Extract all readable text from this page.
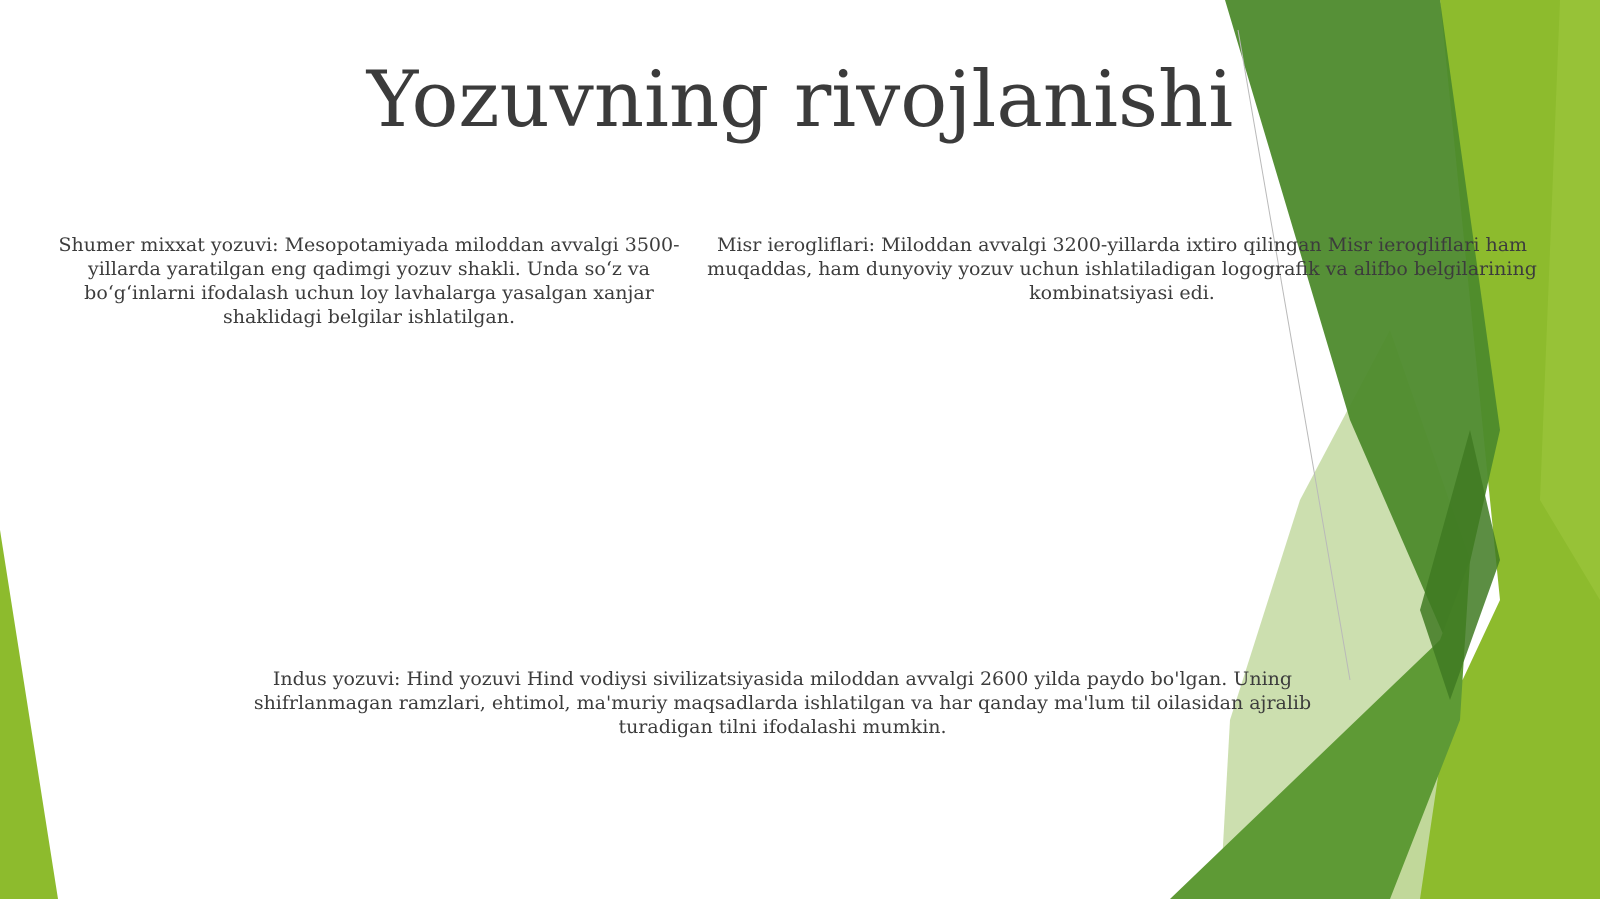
Yozuvning rivojlanishi

Shumer mixxat yozuvi: Mesopotamiyada miloddan avvalgi 3500-yillarda yaratilgan eng qadimgi yozuv shakli. Unda so‘z va bo‘g‘inlarni ifodalash uchun loy lavhalarga yasalgan xanjar shaklidagi belgilar ishlatilgan.

Misr ierogliflari: Miloddan avvalgi 3200-yillarda ixtiro qilingan Misr ierogliflari ham muqaddas, ham dunyoviy yozuv uchun ishlatiladigan logografik va alifbo belgilarining kombinatsiyasi edi.

Indus yozuvi: Hind yozuvi Hind vodiysi sivilizatsiyasida miloddan avvalgi 2600 yilda paydo bo'lgan. Uning shifrlanmagan ramzlari, ehtimol, ma'muriy maqsadlarda ishlatilgan va har qanday ma'lum til oilasidan ajralib turadigan tilni ifodalashi mumkin.
